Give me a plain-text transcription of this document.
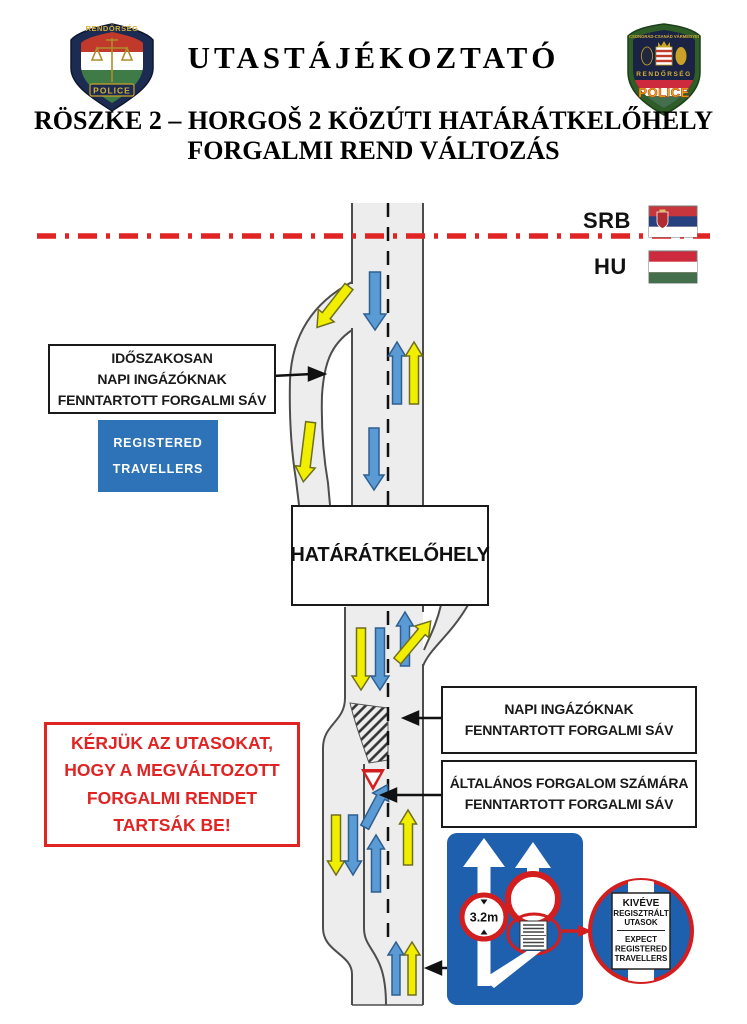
RENDŐRSÉG
POLICE
CSONGRÁD-CSANÁD VÁRMEGYEI
RENDŐRSÉG
POLICE
3.2m
KIVÉVE
REGISZTRÁLT
UTASOK
EXPECT
REGISTERED
TRAVELLERS
UTASTÁJÉKOZTATÓ
RÖSZKE 2 – HORGOŠ 2 KÖZÚTI HATÁRÁTKELŐHELY
FORGALMI REND VÁLTOZÁS
SRB
HU
IDŐSZAKOSAN
NAPI INGÁZÓKNAK
FENNTARTOTT FORGALMI SÁV
REGISTERED
TRAVELLERS
HATÁRÁTKELŐHELY
KÉRJÜK AZ UTASOKAT,
HOGY A MEGVÁLTOZOTT
FORGALMI RENDET
TARTSÁK BE!
NAPI INGÁZÓKNAK
FENNTARTOTT FORGALMI SÁV
ÁLTALÁNOS FORGALOM SZÁMÁRA
FENNTARTOTT FORGALMI SÁV
